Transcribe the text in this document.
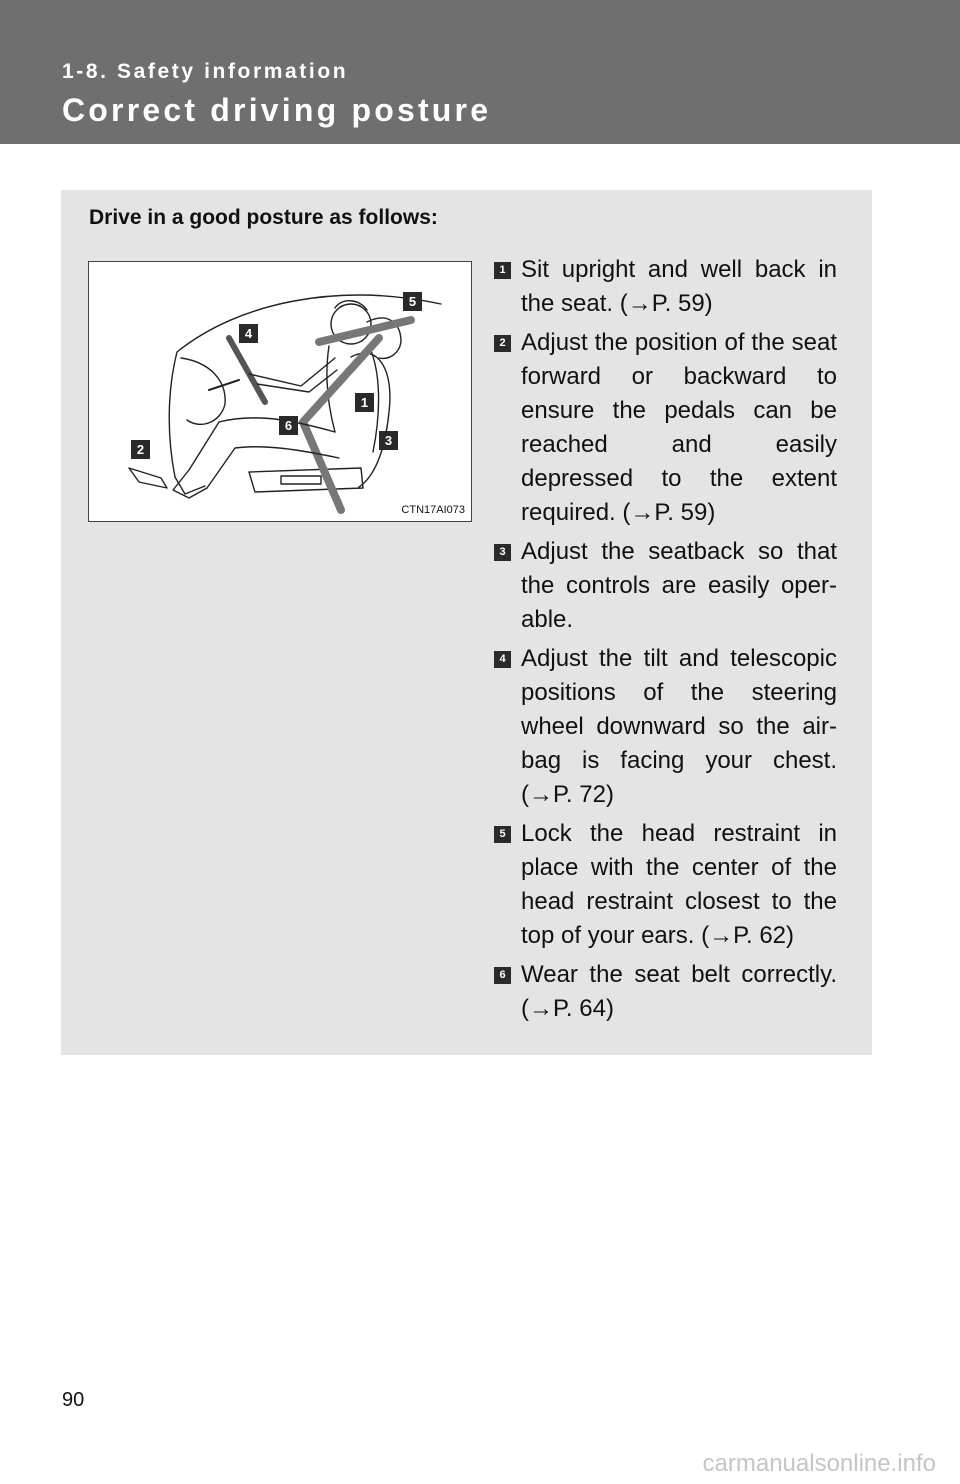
1-8. Safety information
Correct driving posture
Drive in a good posture as follows:
5
4
1
6
3
2
CTN17AI073
1 Sit upright and well back in the seat. (→P. 59)
2 Adjust the position of the seat forward or backward to ensure the pedals can be reached and easily depressed to the extent required. (→P. 59)
3 Adjust the seatback so that the controls are easily oper-able.
4 Adjust the tilt and telescopic positions of the steering wheel downward so the air-bag is facing your chest. (→P. 72)
5 Lock the head restraint in place with the center of the head restraint closest to the top of your ears. (→P. 62)
6 Wear the seat belt correctly. (→P. 64)
90
carmanualsonline.info
